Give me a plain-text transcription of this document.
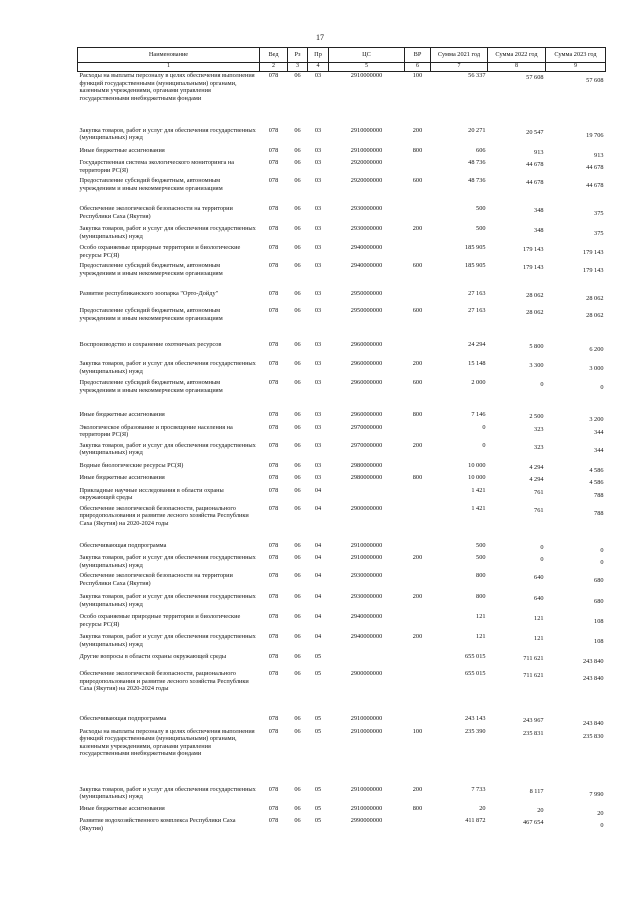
17
Наименование	Вед	Рз	Пр	ЦС	ВР	Сумма 2021 год	Сумма 2022 год	Сумма 2023 год
1	2	3	4	5	6	7	8	9
Расходы на выплаты персоналу в целях обеспечения выполнения функций государственными (муниципальными) органами, казенными учреждениями, органами управления государственными внебюджетными фондами	078	06	03	2910000000	100	56 337	57 608	57 608
Закупка товаров, работ и услуг для обеспечения государственных (муниципальных) нужд	078	06	03	2910000000	200	20 271	20 547	19 706
Иные бюджетные ассигнования	078	06	03	2910000000	800	606	913	913
Государственная система экологического мониторинга на территории РС(Я)	078	06	03	2920000000		48 736	44 678	44 678
Предоставление субсидий бюджетным, автономным учреждениям и иным некоммерческим организациям	078	06	03	2920000000	600	48 736	44 678	44 678
Обеспечение экологической безопасности на территории Республики Саха (Якутия)	078	06	03	2930000000		500	348	375
Закупка товаров, работ и услуг для обеспечения государственных (муниципальных) нужд	078	06	03	2930000000	200	500	348	375
Особо охраняемые природные территории и биологические ресурсы РС(Я)	078	06	03	2940000000		185 905	179 143	179 143
Предоставление субсидий бюджетным, автономным учреждениям и иным некоммерческим организациям	078	06	03	2940000000	600	185 905	179 143	179 143
Развитие республиканского зоопарка "Орто-Дойду"	078	06	03	2950000000		27 163	28 062	28 062
Предоставление субсидий бюджетным, автономным учреждениям и иным некоммерческим организациям	078	06	03	2950000000	600	27 163	28 062	28 062
Воспроизводство и сохранение охотничьих ресурсов	078	06	03	2960000000		24 294	5 800	6 200
Закупка товаров, работ и услуг для обеспечения государственных (муниципальных) нужд	078	06	03	2960000000	200	15 148	3 300	3 000
Предоставление субсидий бюджетным, автономным учреждениям и иным некоммерческим организациям	078	06	03	2960000000	600	2 000	0	0
Иные бюджетные ассигнования	078	06	03	2960000000	800	7 146	2 500	3 200
Экологическое образование и просвещение населения на территории РС(Я)	078	06	03	2970000000		0	323	344
Закупка товаров, работ и услуг для обеспечения государственных (муниципальных) нужд	078	06	03	2970000000	200	0	323	344
Водные биологические ресурсы РС(Я)	078	06	03	2980000000		10 000	4 294	4 586
Иные бюджетные ассигнования	078	06	03	2980000000	800	10 000	4 294	4 586
Прикладные научные исследования в области охраны окружающей среды	078	06	04			1 421	761	788
Обеспечение экологической безопасности, рационального природопользования и развитие лесного хозяйства Республики Саха (Якутия) на 2020-2024 годы	078	06	04	2900000000		1 421	761	788
Обеспечивающая подпрограмма	078	06	04	2910000000		500	0	0
Закупка товаров, работ и услуг для обеспечения государственных (муниципальных) нужд	078	06	04	2910000000	200	500	0	0
Обеспечение экологической безопасности на территории Республики Саха (Якутия)	078	06	04	2930000000		800	640	680
Закупка товаров, работ и услуг для обеспечения государственных (муниципальных) нужд	078	06	04	2930000000	200	800	640	680
Особо охраняемые природные территории и биологические ресурсы РС(Я)	078	06	04	2940000000		121	121	108
Закупка товаров, работ и услуг для обеспечения государственных (муниципальных) нужд	078	06	04	2940000000	200	121	121	108
Другие вопросы в области охраны окружающей среды	078	06	05			655 015	711 621	243 840
Обеспечение экологической безопасности, рационального природопользования и развитие лесного хозяйства Республики Саха (Якутия) на 2020-2024 годы	078	06	05	2900000000		655 015	711 621	243 840
Обеспечивающая подпрограмма	078	06	05	2910000000		243 143	243 967	243 840
Расходы на выплаты персоналу в целях обеспечения выполнения функций государственными (муниципальными) органами, казенными учреждениями, органами управления государственными внебюджетными фондами	078	06	05	2910000000	100	235 390	235 831	235 830
Закупка товаров, работ и услуг для обеспечения государственных (муниципальных) нужд	078	06	05	2910000000	200	7 733	8 117	7 990
Иные бюджетные ассигнования	078	06	05	2910000000	800	20	20	20
Развитие водохозяйственного комплекса Республики Саха (Якутия)	078	06	05	2990000000		411 872	467 654	0
